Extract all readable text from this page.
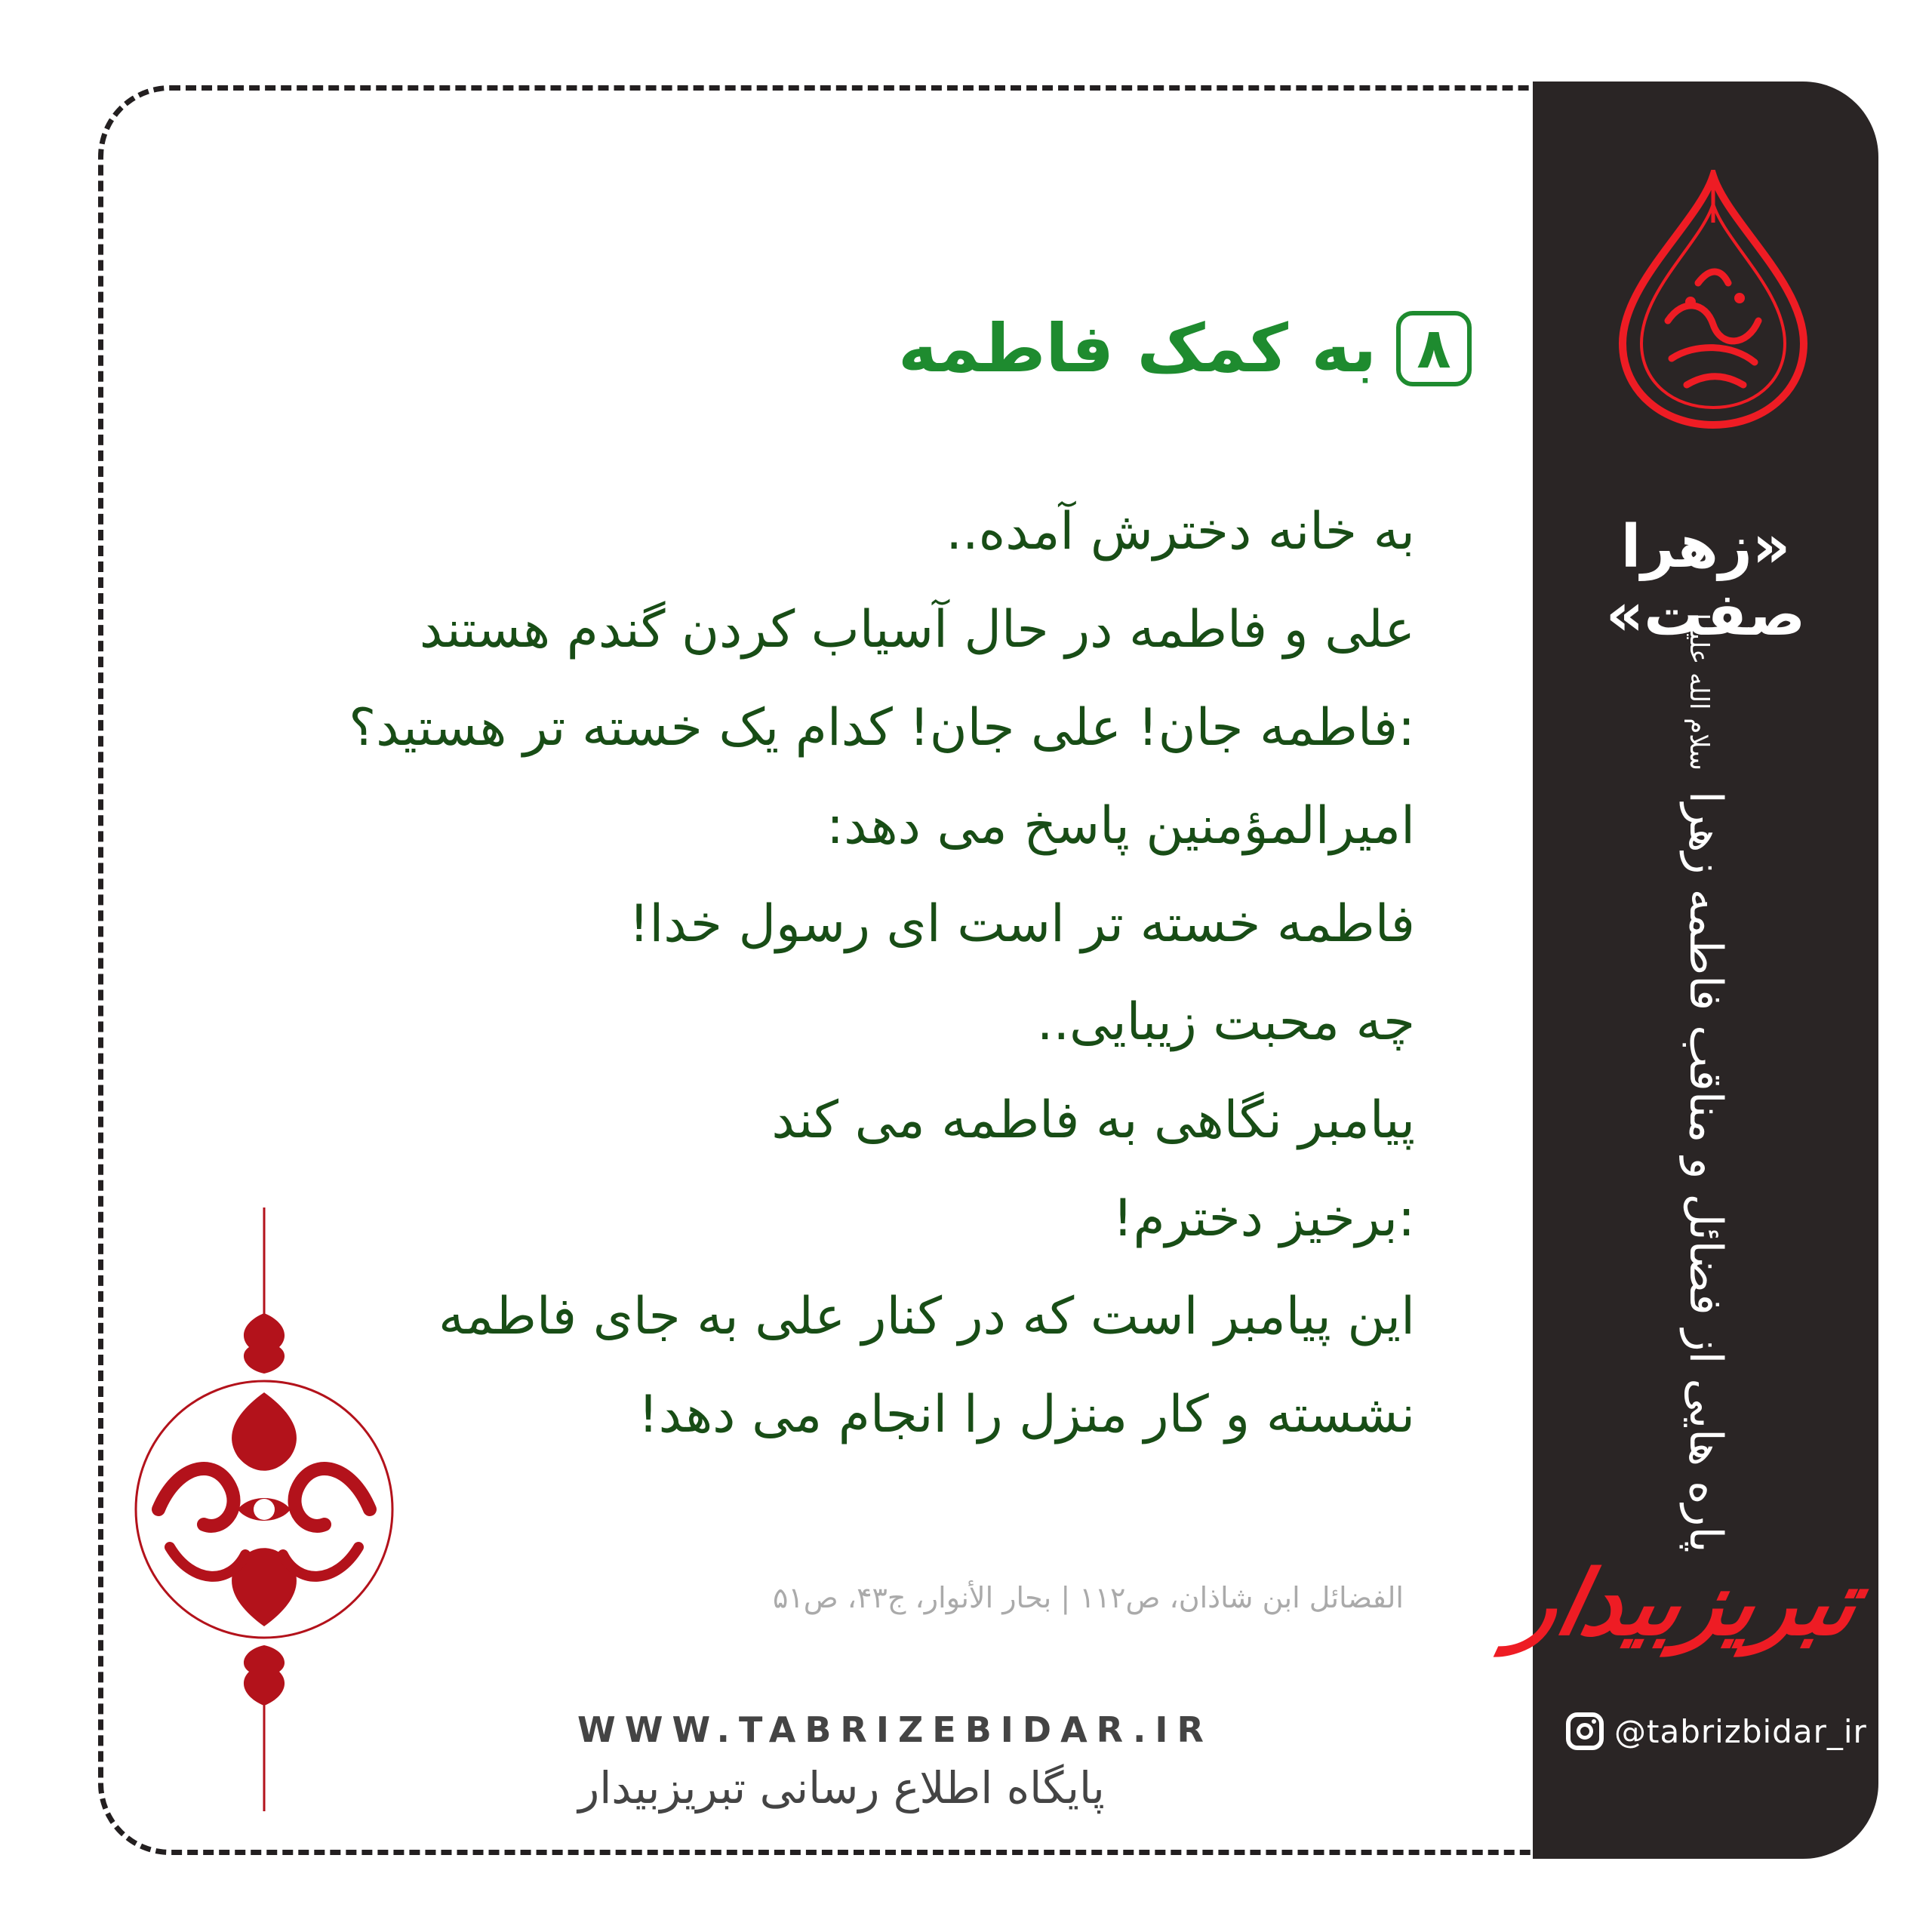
«زهرا صفت»
پاره هایی از فضائل و مناقب فاطمه زهرا سلام الله علیها
تبریزبیدار
@tabrizbidar_ir
۸
به کمک فاطمه
به خانه دخترش آمده..
علی و فاطمه در حال آسیاب کردن گندم هستند
:فاطمه جان! علی جان! کدام یک خسته تر هستید؟
امیرالمؤمنین پاسخ می دهد:
فاطمه خسته تر است ای رسول خدا!
چه محبت زیبایی..
پیامبر نگاهی به فاطمه می کند
:برخیز دخترم!
این پیامبر است که در کنار علی به جای فاطمه
نشسته و کار منزل را انجام می دهد!
الفضائل ابن شاذان، ص۱۱۲ | بحار الأنوار، ج۴۳، ص۵۱
WWW.TABRIZEBIDAR.IR
پایگاه اطلاع رسانی تبریزبیدار
